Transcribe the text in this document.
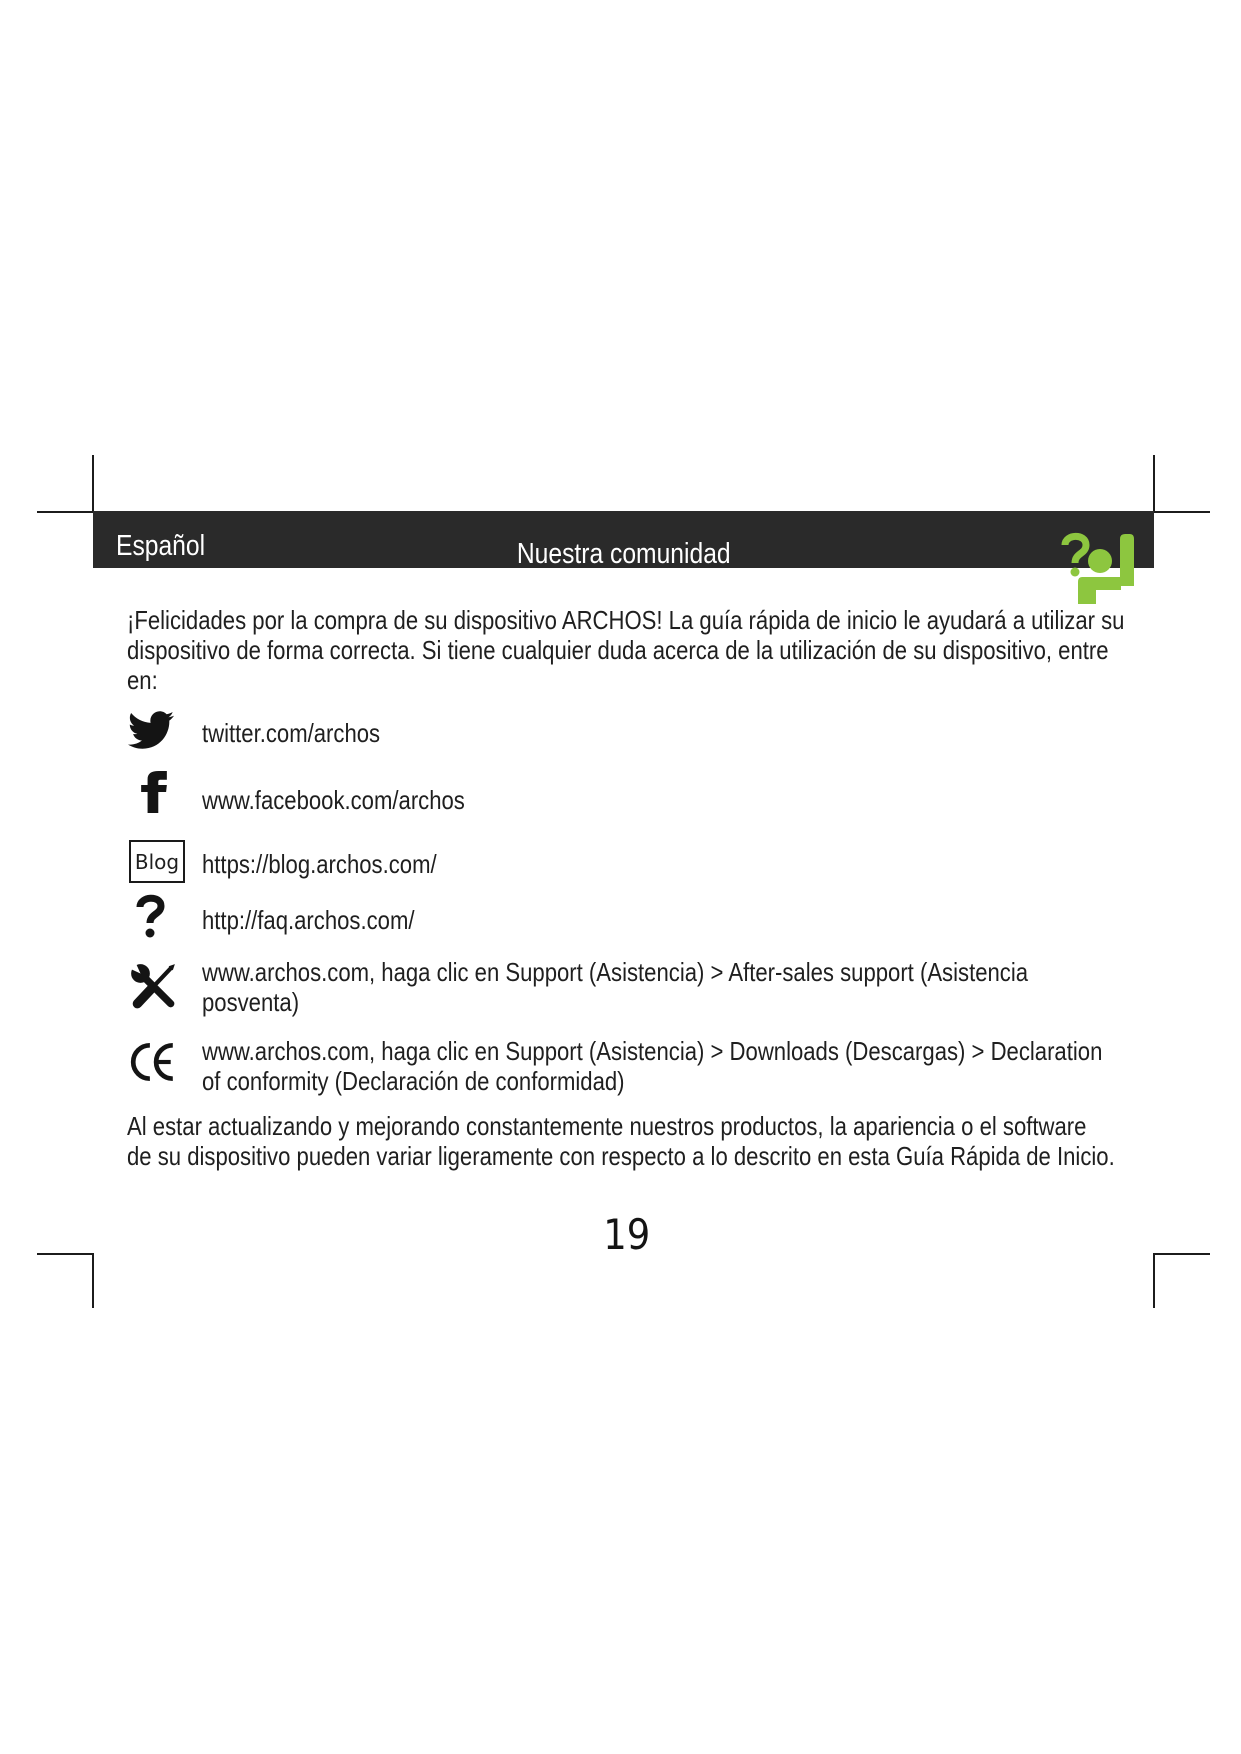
Español	Nuestra comunidad
¡Felicidades por la compra de su dispositivo ARCHOS! La guía rápida de inicio le ayudará a utilizar su
dispositivo de forma correcta. Si tiene cualquier duda acerca de la utilización de su dispositivo, entre
en:
twitter.com/archos
www.facebook.com/archos
Blog https://blog.archos.com/
http://faq.archos.com/
www.archos.com, haga clic en Support (Asistencia) > After-sales support (Asistencia
posventa)
www.archos.com, haga clic en Support (Asistencia) > Downloads (Descargas) > Declaration
of conformity (Declaración de conformidad)
Al estar actualizando y mejorando constantemente nuestros productos, la apariencia o el software
de su dispositivo pueden variar ligeramente con respecto a lo descrito en esta Guía Rápida de Inicio.
19
